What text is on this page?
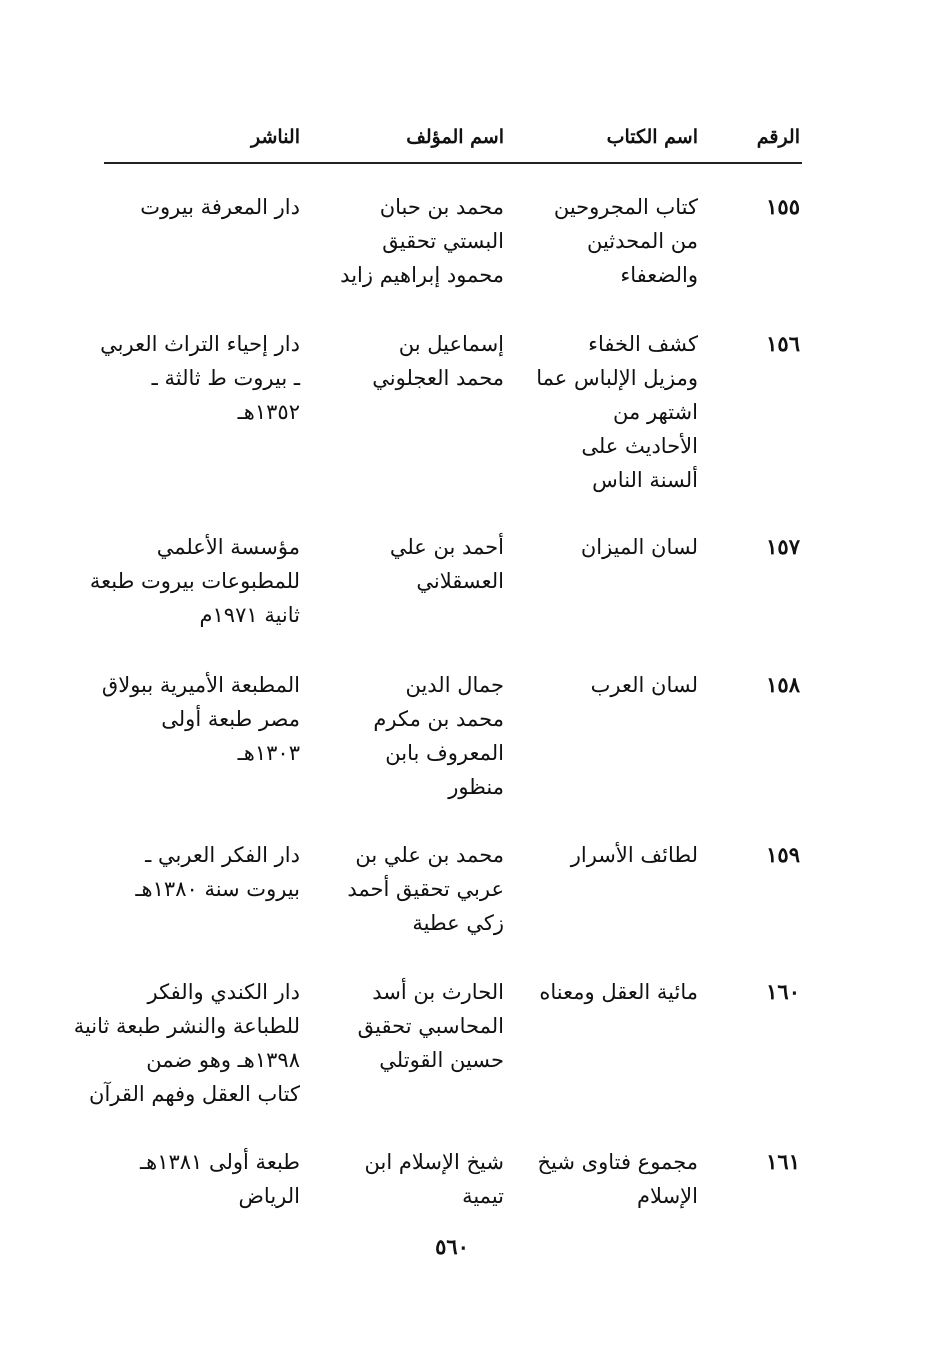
الرقم
اسم الكتاب
اسم المؤلف
الناشر
١٥٥
كتاب المجروحين
من المحدثين
والضعفاء
محمد بن حبان
البستي تحقيق
محمود إبراهيم زايد
دار المعرفة بيروت
١٥٦
كشف الخفاء
ومزيل الإلباس عما
اشتهر من
الأحاديث على
ألسنة الناس
إسماعيل بن
محمد العجلوني
دار إحياء التراث العربي
ـ بيروت ط ثالثة ـ
١٣٥٢هـ
١٥٧
لسان الميزان
أحمد بن علي
العسقلاني
مؤسسة الأعلمي
للمطبوعات بيروت طبعة
ثانية ١٩٧١م
١٥٨
لسان العرب
جمال الدين
محمد بن مكرم
المعروف بابن
منظور
المطبعة الأميرية ببولاق
مصر طبعة أولى
١٣٠٣هـ
١٥٩
لطائف الأسرار
محمد بن علي بن
عربي تحقيق أحمد
زكي عطية
دار الفكر العربي ـ
بيروت سنة ١٣٨٠هـ
١٦٠
مائية العقل ومعناه
الحارث بن أسد
المحاسبي تحقيق
حسين القوتلي
دار الكندي والفكر
للطباعة والنشر طبعة ثانية
١٣٩٨هـ وهو ضمن
كتاب العقل وفهم القرآن
١٦١
مجموع فتاوى شيخ
الإسلام
شيخ الإسلام ابن
تيمية
طبعة أولى ١٣٨١هـ
الرياض
٥٦٠
